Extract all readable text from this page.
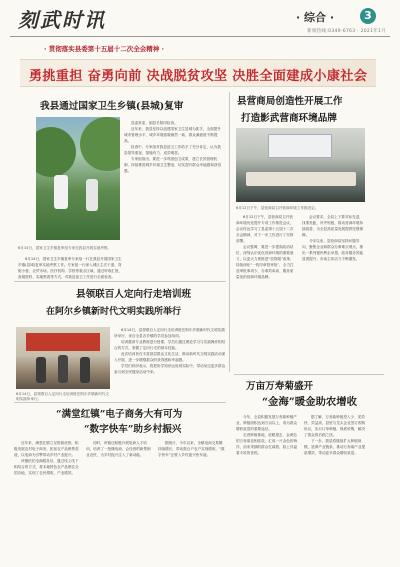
刻武时讯	· 综合 ·	3
新闻热线:0349-6763 · 2021年1月
· 贯彻落实县委第十五届十二次全会精神 ·
勇挑重担 奋勇向前 决战脱贫攻坚 决胜全面建成小康社会
我县通过国家卫生乡镇(县城)复审
6月14日，国家卫生乡镇复审组专家在我县开展实地考察。

6月14日，国家卫生乡镇复审专家组一行在我县开展国家卫生乡镇(县城)复审实地考察工作。专家组一行深入城区主次干道、背街小巷、农贸市场、医疗机构、学校等重点区域，通过听取汇报、查阅资料、实地察看等方式，对我县创卫工作进行全面检查。

县委常委、副县长陪同检查。

近年来，我县坚持以创建国家卫生县城为抓手，全面提升城市管理水平，城乡环境面貌焕然一新，群众满意度不断提高。

检查中，专家组对我县创卫工作给予了充分肯定，认为我县领导重视、措施有力、成效明显。

专家组指出，要进一步巩固创卫成果，建立长效管理机制，持续推进城乡环境卫生整治，切实提升群众幸福感和获得感。

县营商局创造性开展工作
打造影武营商环境品牌
6月12日下午，县营商局召开营商环境工作推进会。

6月12日下午，县营商局召开营商环境优化提升专项工作推进会议，会议传达学习了县委第十五届十二次全会精神，对下一步工作进行了安排部署。

会议强调，要进一步提高政治站位，深刻认识优化营商环境的重要意义，以更大力度推进“放管服”改革，持续深化“一枚印章管审批”，全力打造审批事项少、办事效率高、服务质量优的营商环境品牌。

会议要求，全局上下要对标先进，找准差距，补齐短板，推动营商环境持续改善，为全县高质量发展提供坚强保障。

今年以来，县营商局坚持问题导向，聚焦企业和群众办事难点堵点，推出一系列便民利企举措，政务服务效能显著提升，市场主体活力不断激发。

县领联百人定向行走培训班
在阿尔乡镇新时代文明实践所举行
6月14日，县领联百人定向行走培训班在阿尔乡镇新时代文明实践所举行。

6月14日，县领联百人定向行走培训班在阿尔乡镇新时代文明实践所举行，来自全县各乡镇的学员参加培训。

培训邀请专业教练进行授课，学员们通过理论学习与实践操作相结合的方式，掌握了定向行走的基本技能。

此次培训旨在丰富基层群众文化生活，推动新时代文明实践活动深入开展，进一步增强群众的获得感和幸福感。

学员们纷纷表示，将把所学知识运用到实际中，带动身边更多群众参与到全民健身活动中来。

“满堂红镇”电子商务大有可为
“数字快车”助乡村振兴

近年来，满堂红镇立足资源优势，积极发展农村电子商务，拓宽农产品销售渠道，以电商为引擎带动乡村产业振兴。

该镇依托电商服务站，通过线上线下相结合的方式，将本地特色农产品销往全国各地，实现了农民增收、产业增效。

同时，该镇还积极开展电商人才培训，培养了一批懂电商、会经营的新型职业农民，为乡村振兴注入了新动能。

据统计，今年以来，全镇电商交易额持续增长，带动数百户农户实现增收，“数字快车”正驶入乡村振兴快车道。

万亩万寿菊盛开
“金海”暖金助农增收

今年，全县积极发展万寿菊种植产业，种植面积达到万亩以上，成为群众增收致富的重要途径。

走进种植基地，放眼望去，金黄色的万寿菊竞相绽放，汇成一片金色的海洋，前来采摘的群众忙碌着，脸上洋溢着丰收的喜悦。

据了解，万寿菊种植投入少、见效快、效益高，县里与龙头企业签订收购协议，实行订单种植，保底收购，解决了群众的后顾之忧。

下一步，我县将继续扩大种植规模，延伸产业链条，推动万寿菊产业提质增效，带动更多群众增收致富。
